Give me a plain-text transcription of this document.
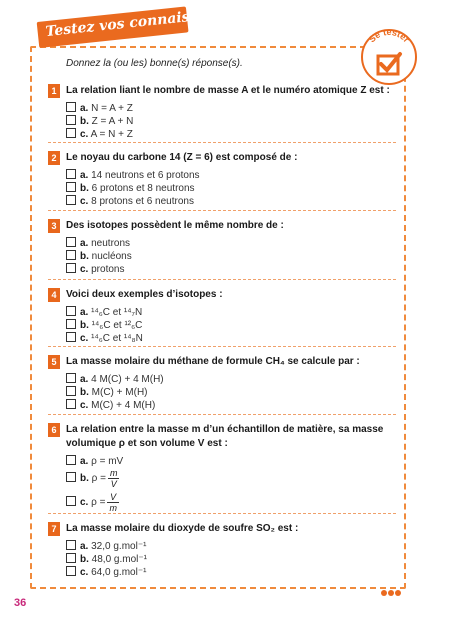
Testez vos connaissances	Se tester
Donnez la (ou les) bonne(s) réponse(s).
1 La relation liant le nombre de masse A et le numéro atomique Z est :
a. N = A + Z
b. Z = A + N
c. A = N + Z
2 Le noyau du carbone 14 (Z = 6) est composé de :
a. 14 neutrons et 6 protons
b. 6 protons et 8 neutrons
c. 8 protons et 6 neutrons
3 Des isotopes possèdent le même nombre de :
a. neutrons
b. nucléons
c. protons
4 Voici deux exemples d’isotopes :
a. ¹⁴₆C et ¹⁴₇N
b. ¹⁴₆C et ¹²₆C
c. ¹⁴₆C et ¹⁴₈N
5 La masse molaire du méthane de formule CH₄ se calcule par :
a. 4 M(C) + 4 M(H)
b. M(C) + M(H)
c. M(C) + 4 M(H)
6 La relation entre la masse m d’un échantillon de matière, sa masse volumique ρ et son volume V est :
a. ρ = mV
b. $\rho = \frac{m}{V}$
c. $\rho = \frac{V}{m}$
7 La masse molaire du dioxyde de soufre SO₂ est :
a. 32,0 g.mol⁻¹
b. 48,0 g.mol⁻¹
c. 64,0 g.mol⁻¹
36
